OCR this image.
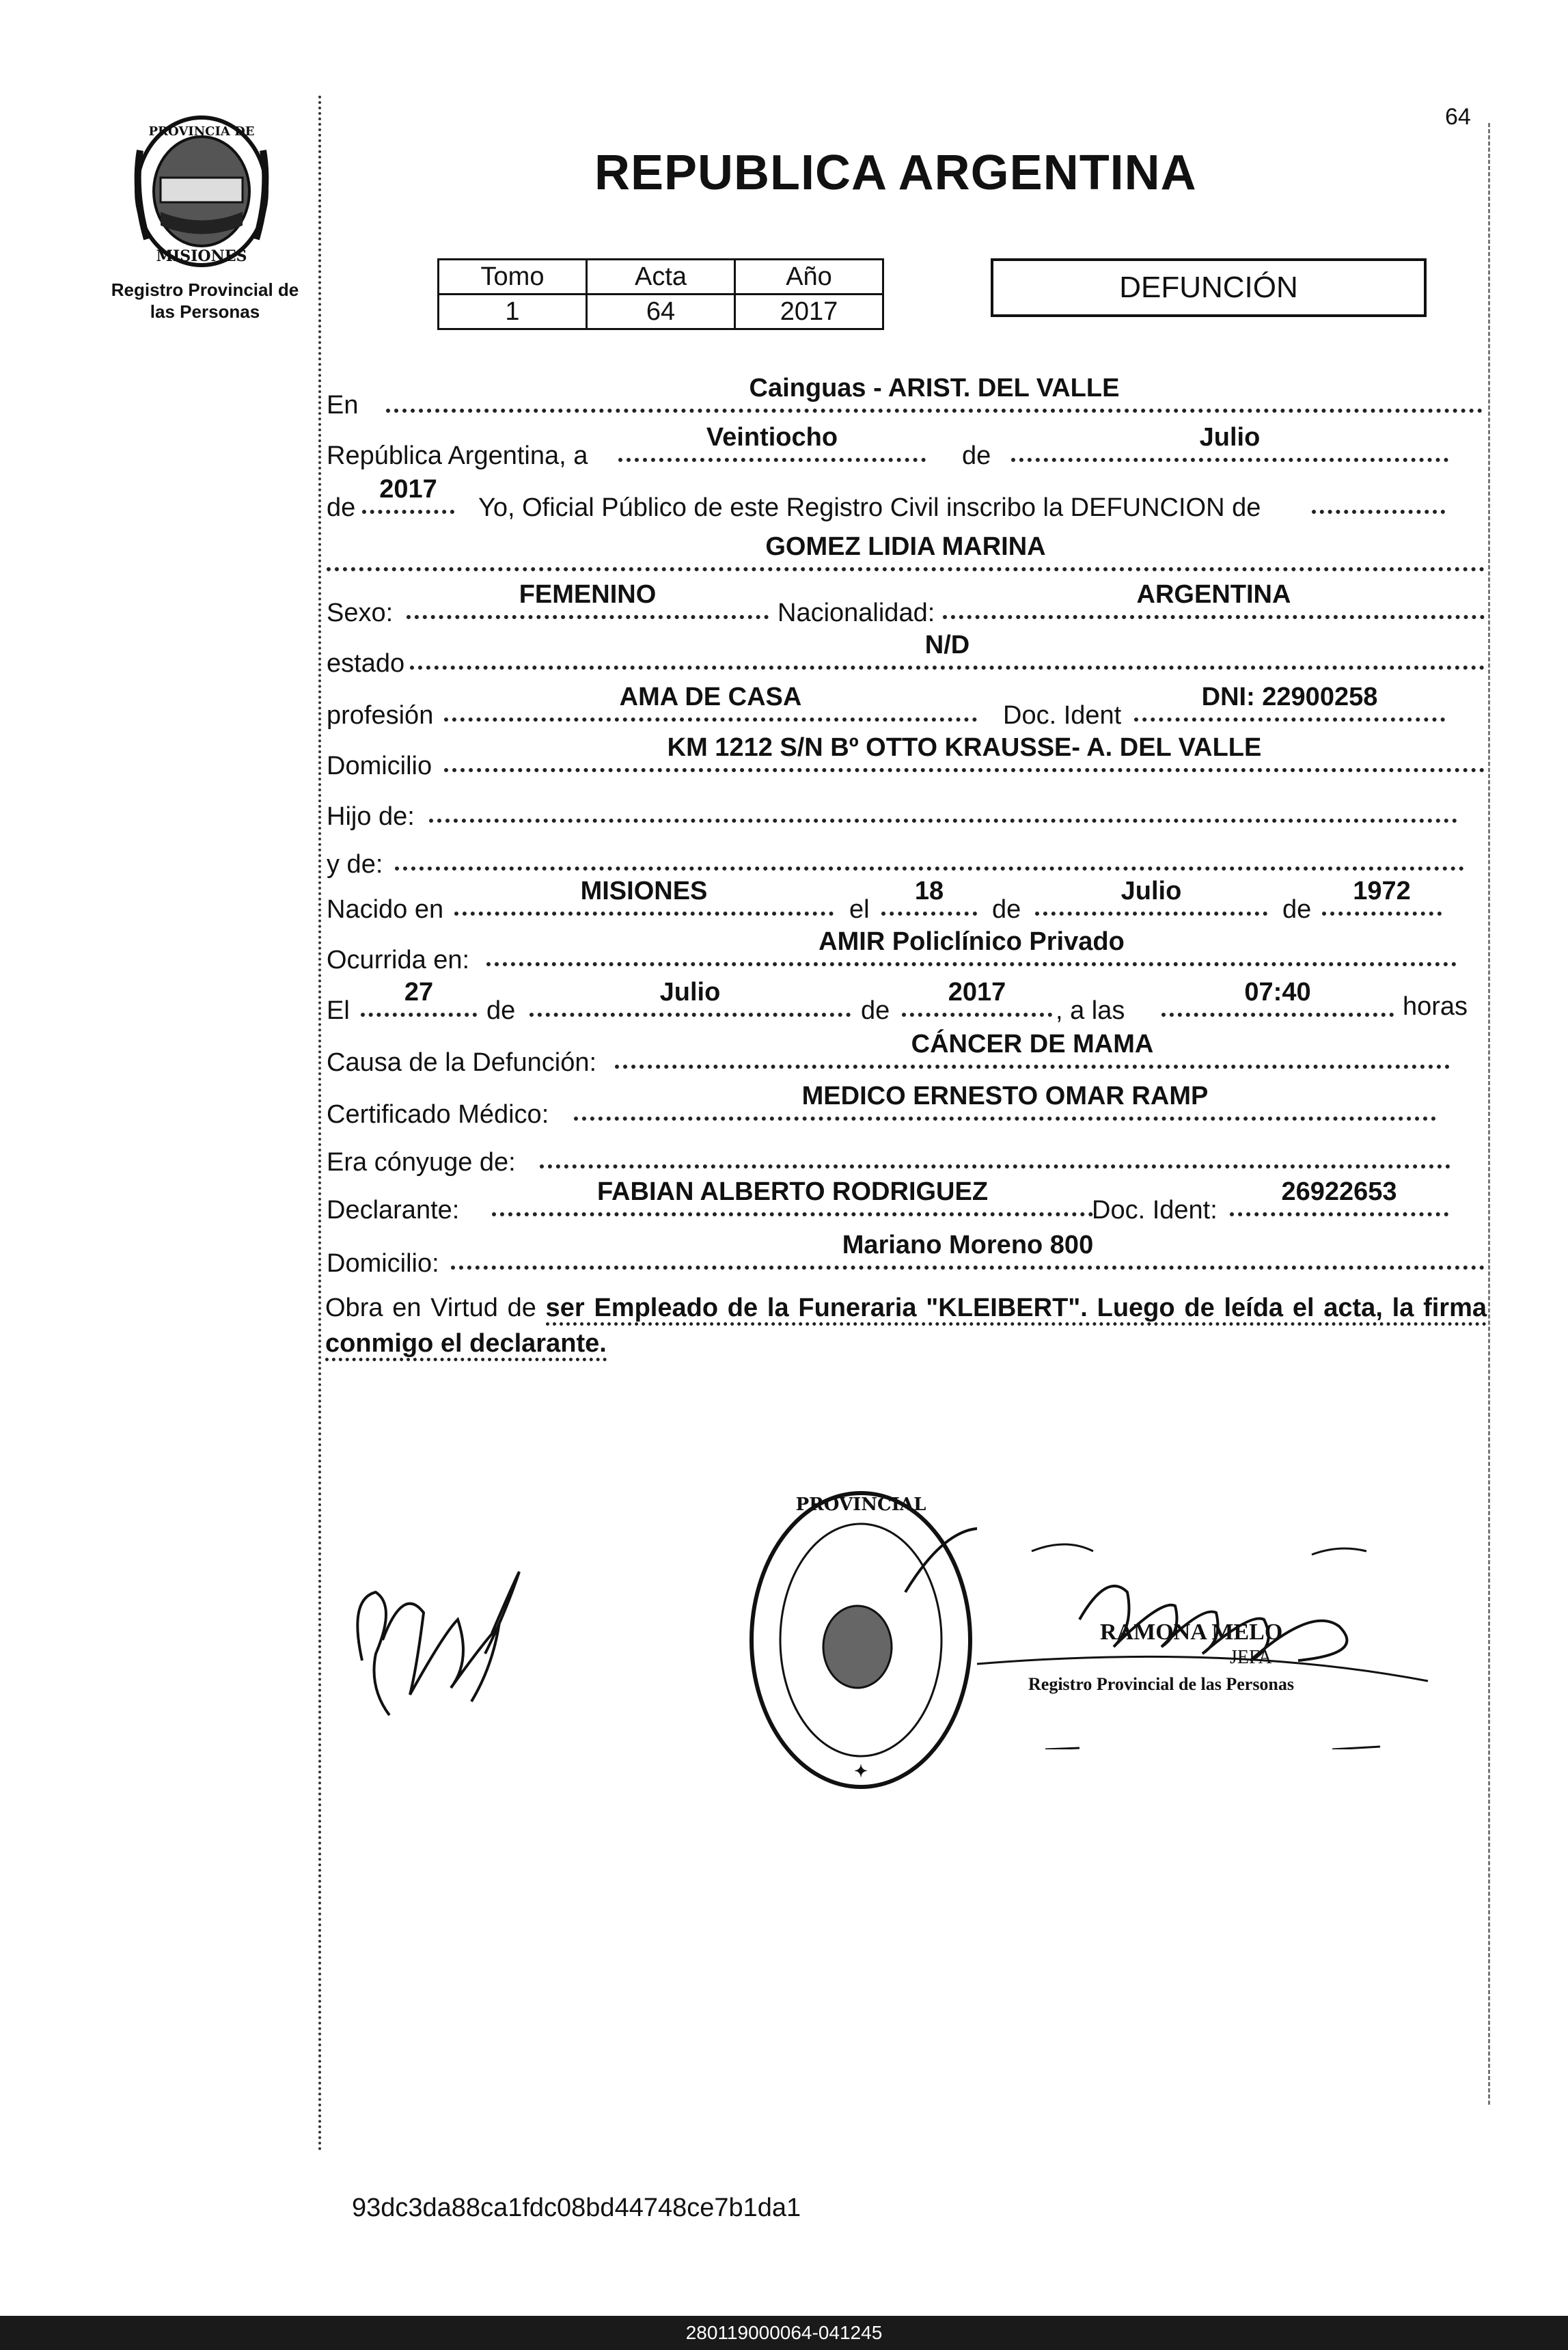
PROVINCIA DE
MISIONES
Registro Provincial de
las Personas
64
REPUBLICA ARGENTINA
Tomo	Acta	Año
1	64	2017
DEFUNCIÓN
En
Cainguas - ARIST. DEL VALLE
República Argentina, a
Veintiocho
de
Julio
de
2017
Yo, Oficial Público de este Registro Civil inscribo la DEFUNCION de
GOMEZ LIDIA MARINA
Sexo:
FEMENINO
Nacionalidad:
ARGENTINA
estado
N/D
profesión
AMA DE CASA
Doc. Ident
DNI: 22900258
Domicilio
KM 1212 S/N Bº OTTO KRAUSSE- A. DEL VALLE
Hijo de:
y de:
Nacido en
MISIONES
el
18
de
Julio
de
1972
Ocurrida en:
AMIR Policlínico Privado
El
27
de
Julio
de
2017
, a las
07:40	horas
Causa de la Defunción:
CÁNCER DE MAMA
Certificado Médico:
MEDICO ERNESTO OMAR RAMP
Era cónyuge de:
Declarante:
FABIAN ALBERTO RODRIGUEZ
Doc. Ident:
26922653
Domicilio:
Mariano Moreno 800
Obra en Virtud de ser Empleado de la Funeraria "KLEIBERT". Luego de leída el acta, la firma conmigo el declarante.
PROVINCIAL
✦
RAMONA MELO
JEFA
Registro Provincial de las Personas
93dc3da88ca1fdc08bd44748ce7b1da1
280119000064-041245
